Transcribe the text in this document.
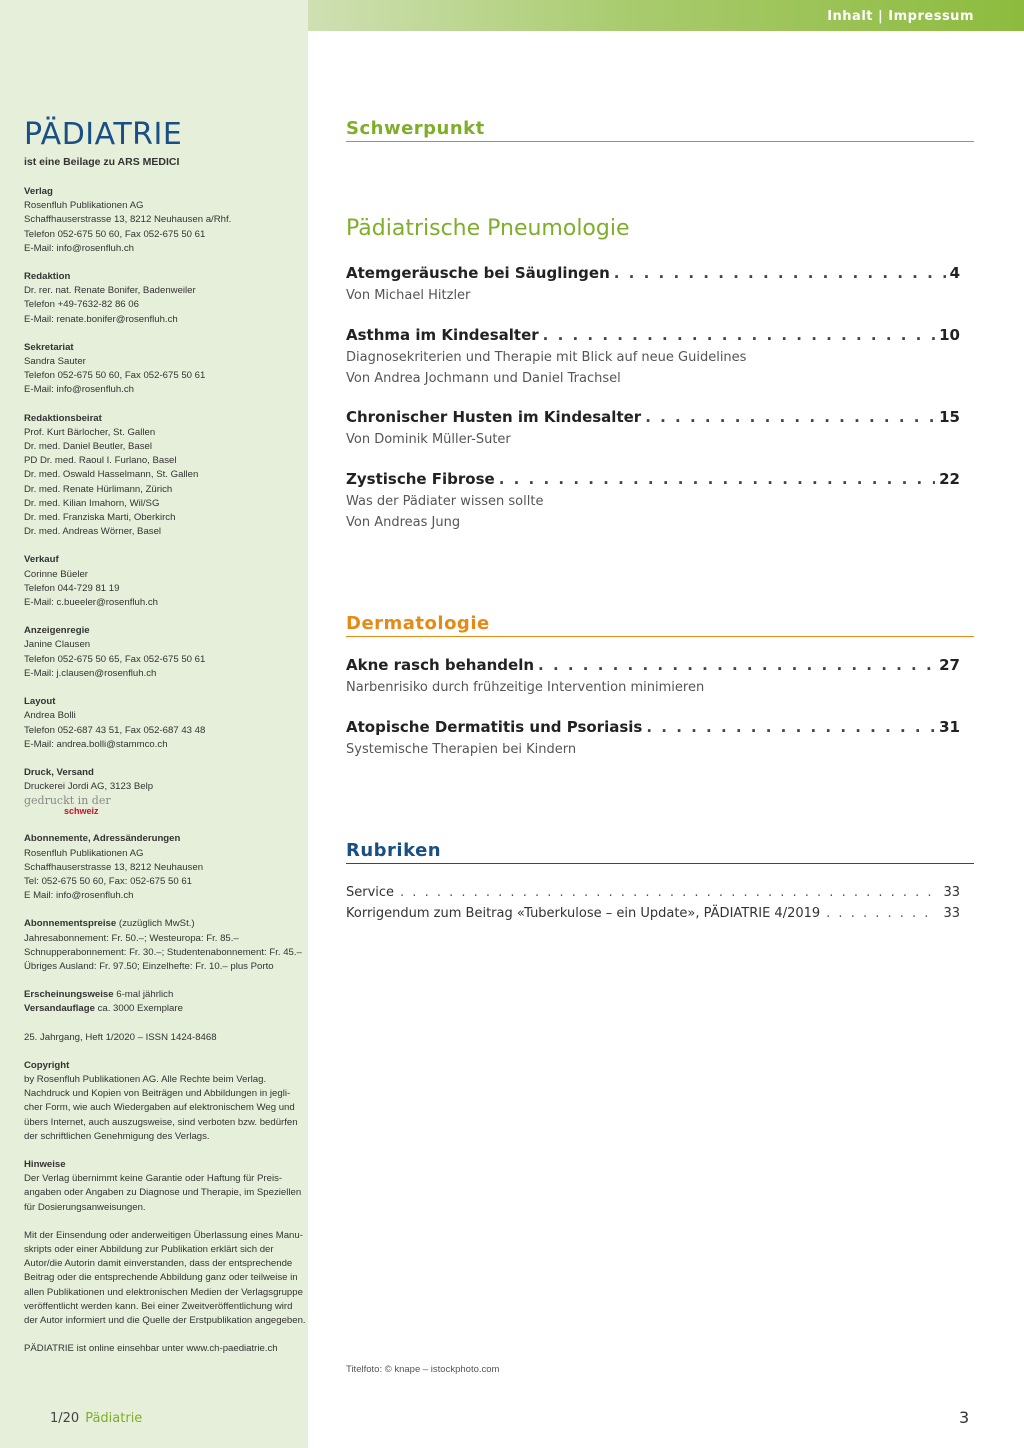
Inhalt | Impressum
PÄDIATRIE
ist eine Beilage zu ARS MEDICI
Verlag
Rosenfluh Publikationen AG
Schaffhauserstrasse 13, 8212 Neuhausen a/Rhf.
Telefon 052-675 50 60, Fax 052-675 50 61
E-Mail: info@rosenfluh.ch
Redaktion
Dr. rer. nat. Renate Bonifer, Badenweiler
Telefon +49-7632-82 86 06
E-Mail: renate.bonifer@rosenfluh.ch
Sekretariat
Sandra Sauter
Telefon 052-675 50 60, Fax 052-675 50 61
E-Mail: info@rosenfluh.ch
Redaktionsbeirat
Prof. Kurt Bärlocher, St. Gallen
Dr. med. Daniel Beutler, Basel
PD Dr. med. Raoul I. Furlano, Basel
Dr. med. Oswald Hasselmann, St. Gallen
Dr. med. Renate Hürlimann, Zürich
Dr. med. Kilian Imahorn, Wil/SG
Dr. med. Franziska Marti, Oberkirch
Dr. med. Andreas Wörner, Basel
Verkauf
Corinne Büeler
Telefon 044-729 81 19
E-Mail: c.bueeler@rosenfluh.ch
Anzeigenregie
Janine Clausen
Telefon 052-675 50 65, Fax 052-675 50 61
E-Mail: j.clausen@rosenfluh.ch
Layout
Andrea Bolli
Telefon 052-687 43 51, Fax 052-687 43 48
E-Mail: andrea.bolli@stammco.ch
Druck, Versand
Druckerei Jordi AG, 3123 Belp
gedruckt in der
schweiz
Abonnemente, Adressänderungen
Rosenfluh Publikationen AG
Schaffhauserstrasse 13, 8212 Neuhausen
Tel: 052-675 50 60, Fax: 052-675 50 61
E Mail: info@rosenfluh.ch
Abonnementspreise (zuzüglich MwSt.)
Jahresabonnement: Fr. 50.–; Westeuropa: Fr. 85.–
Schnupperabonnement: Fr. 30.–; Studentenabonnement: Fr. 45.–
Übriges Ausland: Fr. 97.50; Einzelhefte: Fr. 10.– plus Porto
Erscheinungsweise 6-mal jährlich
Versandauflage ca. 3000 Exemplare
25. Jahrgang, Heft 1/2020 – ISSN 1424-8468
Copyright
by Rosenfluh Publikationen AG. Alle Rechte beim Verlag.
Nachdruck und Kopien von Beiträgen und Abbildungen in jegli-
cher Form, wie auch Wiedergaben auf elektronischem Weg und
übers Internet, auch auszugsweise, sind verboten bzw. bedürfen
der schriftlichen Genehmigung des Verlags.
Hinweise
Der Verlag übernimmt keine Garantie oder Haftung für Preis-
angaben oder Angaben zu Diagnose und Therapie, im Speziellen
für Dosierungsanweisungen.
Mit der Einsendung oder anderweitigen Überlassung eines Manu-
skripts oder einer Abbildung zur Publikation erklärt sich der
Autor/die Autorin damit einverstanden, dass der entsprechende
Beitrag oder die entsprechende Abbildung ganz oder teilweise in
allen Publikationen und elektronischen Medien der Verlagsgruppe
veröffentlicht werden kann. Bei einer Zweitveröffentlichung wird
der Autor informiert und die Quelle der Erstpublikation angegeben.
PÄDIATRIE ist online einsehbar unter www.ch-paediatrie.ch
Schwerpunkt
Pädiatrische Pneumologie
Atemgeräusche bei Säuglingen . . .	4
Von Michael Hitzler
Asthma im Kindesalter . . .	10
Diagnosekriterien und Therapie mit Blick auf neue Guidelines
Von Andrea Jochmann und Daniel Trachsel
Chronischer Husten im Kindesalter . . .	15
Von Dominik Müller-Suter
Zystische Fibrose . . .	22
Was der Pädiater wissen sollte
Von Andreas Jung
Dermatologie
Akne rasch behandeln . . .	27
Narbenrisiko durch frühzeitige Intervention minimieren
Atopische Dermatitis und Psoriasis . . .	31
Systemische Therapien bei Kindern
Rubriken
Service . . .	33
Korrigendum zum Beitrag «Tuberkulose – ein Update», PÄDIATRIE 4/2019 . . .	33
Titelfoto: © knape – istockphoto.com
1/20 Pädiatrie	3
